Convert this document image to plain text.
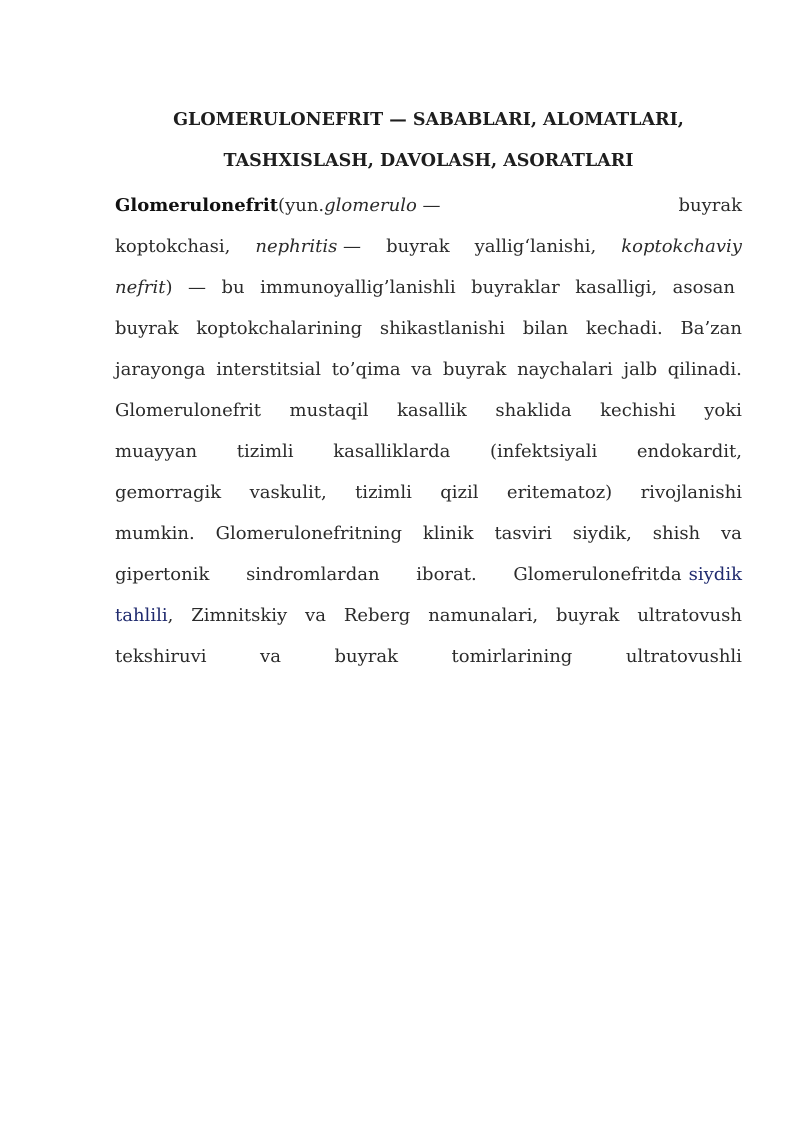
GLOMERULONEFRIT — SABABLARI, ALOMATLARI,
TASHXISLASH, DAVOLASH, ASORATLARI
Glomerulonefrit (yun. glomerulo —	buyrak
koptokchasi, nephritis — buyrak yallig‘lanishi, koptokchaviy
nefrit ) — bu immunoyallig’lanishli buyraklar kasalligi, asosan
buyrak koptokchalarining shikastlanishi bilan kechadi. Ba’zan
jarayonga interstitsial to’qima va buyrak naychalari jalb qilinadi.
Glomerulonefrit mustaqil kasallik shaklida kechishi yoki
muayyan tizimli kasalliklarda (infektsiyali endokardit,
gemorragik vaskulit, tizimli qizil eritematoz) rivojlanishi
mumkin. Glomerulonefritning klinik tasviri siydik, shish va
gipertonik sindromlardan iborat. Glomerulonefritda siydik
tahlili , Zimnitskiy va Reberg namunalari, buyrak ultratovush
tekshiruvi	va	buyrak	tomirlarining	ultratovushli
